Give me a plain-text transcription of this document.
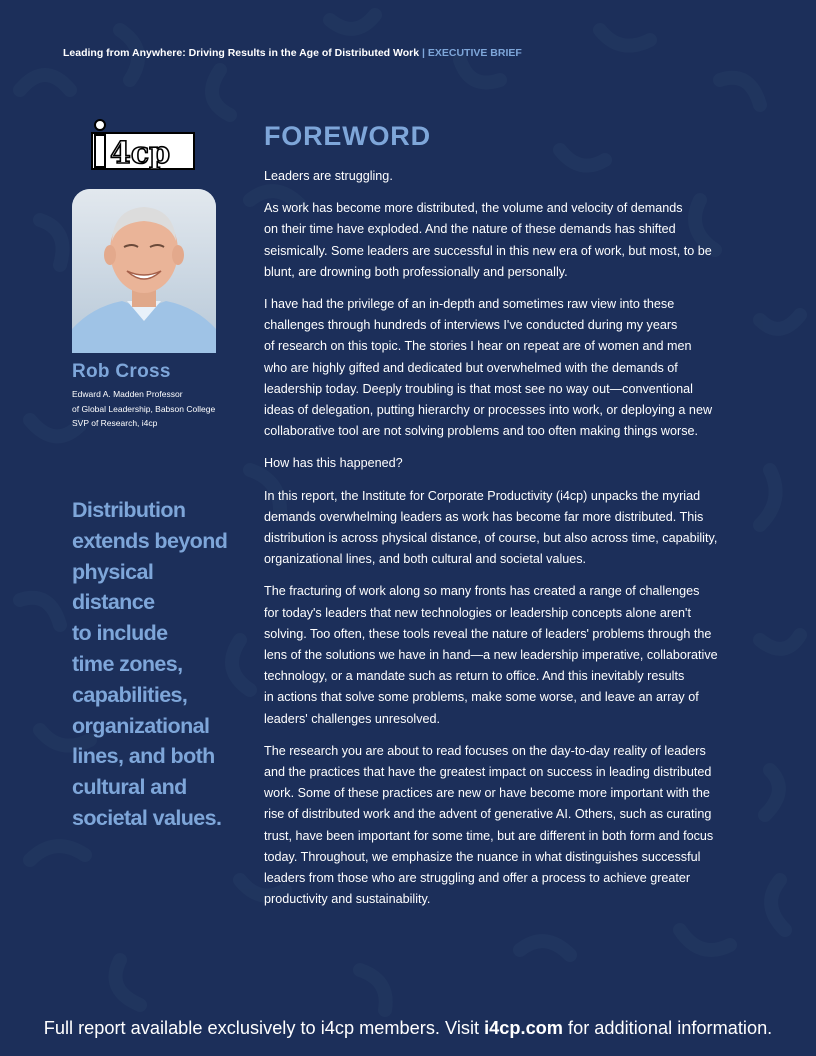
Leading from Anywhere: Driving Results in the Age of Distributed Work | EXECUTIVE BRIEF
4cp
Rob Cross
Edward A. Madden Professor
of Global Leadership, Babson College
SVP of Research, i4cp
Distribution
extends beyond
physical
distance
to include
time zones,
capabilities,
organizational
lines, and both
cultural and
societal values.
FOREWORD

Leaders are struggling.

As work has become more distributed, the volume and velocity of demands
on their time have exploded. And the nature of these demands has shifted
seismically. Some leaders are successful in this new era of work, but most, to be
blunt, are drowning both professionally and personally.

I have had the privilege of an in-depth and sometimes raw view into these
challenges through hundreds of interviews I've conducted during my years
of research on this topic. The stories I hear on repeat are of women and men
who are highly gifted and dedicated but overwhelmed with the demands of
leadership today. Deeply troubling is that most see no way out—conventional
ideas of delegation, putting hierarchy or processes into work, or deploying a new
collaborative tool are not solving problems and too often making things worse.

How has this happened?

In this report, the Institute for Corporate Productivity (i4cp) unpacks the myriad
demands overwhelming leaders as work has become far more distributed. This
distribution is across physical distance, of course, but also across time, capability,
organizational lines, and both cultural and societal values.

The fracturing of work along so many fronts has created a range of challenges
for today's leaders that new technologies or leadership concepts alone aren't
solving. Too often, these tools reveal the nature of leaders' problems through the
lens of the solutions we have in hand—a new leadership imperative, collaborative
technology, or a mandate such as return to office. And this inevitably results
in actions that solve some problems, make some worse, and leave an array of
leaders' challenges unresolved.

The research you are about to read focuses on the day-to-day reality of leaders
and the practices that have the greatest impact on success in leading distributed
work. Some of these practices are new or have become more important with the
rise of distributed work and the advent of generative AI. Others, such as curating
trust, have been important for some time, but are different in both form and focus
today. Throughout, we emphasize the nuance in what distinguishes successful
leaders from those who are struggling and offer a process to achieve greater
productivity and sustainability.

Full report available exclusively to i4cp members. Visit i4cp.com for additional information.
